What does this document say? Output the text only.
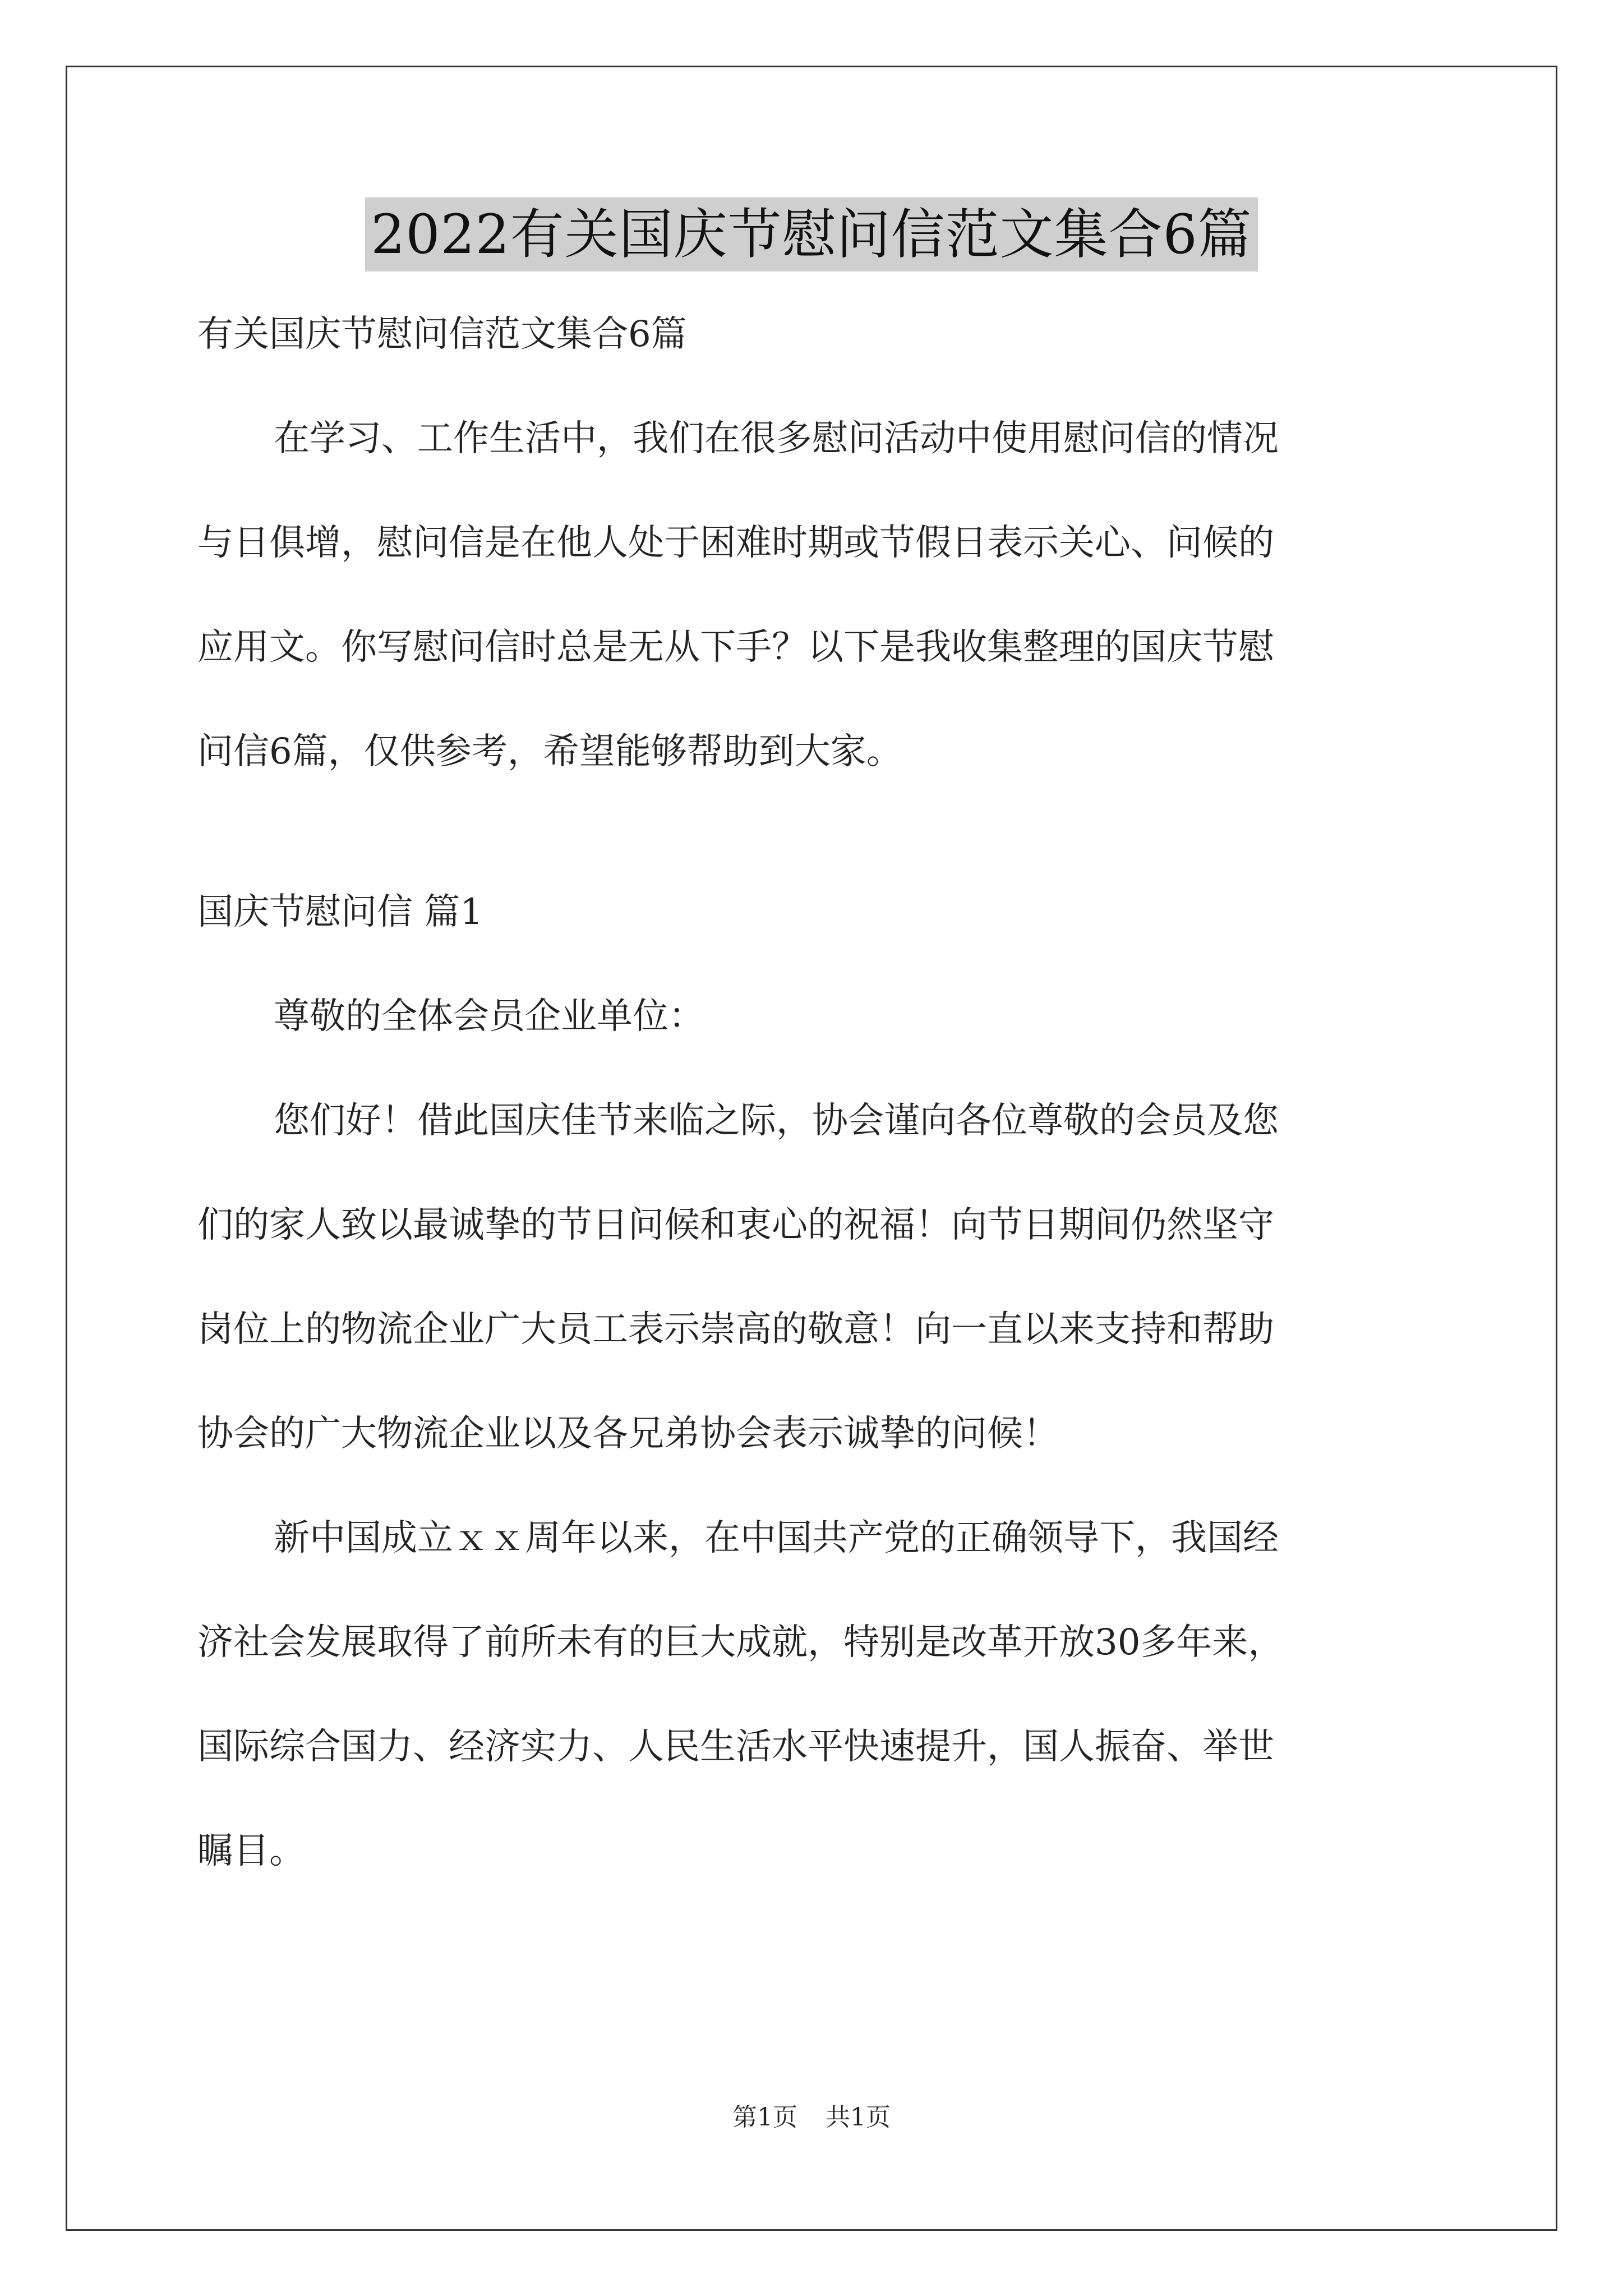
2022有关国庆节慰问信范文集合6篇
有关国庆节慰问信范文集合6篇
在学习、工作生活中，我们在很多慰问活动中使用慰问信的情况
与日俱增，慰问信是在他人处于困难时期或节假日表示关心、问候的
应用文。你写慰问信时总是无从下手？以下是我收集整理的国庆节慰
问信6篇，仅供参考，希望能够帮助到大家。
国庆节慰问信 篇1
尊敬的全体会员企业单位：
您们好！借此国庆佳节来临之际，协会谨向各位尊敬的会员及您
们的家人致以最诚挚的节日问候和衷心的祝福！向节日期间仍然坚守
岗位上的物流企业广大员工表示崇高的敬意！向一直以来支持和帮助
协会的广大物流企业以及各兄弟协会表示诚挚的问候！
新中国成立ｘｘ周年以来，在中国共产党的正确领导下，我国经
济社会发展取得了前所未有的巨大成就，特别是改革开放30多年来，
国际综合国力、经济实力、人民生活水平快速提升，国人振奋、举世
瞩目。
第1页 共1页
